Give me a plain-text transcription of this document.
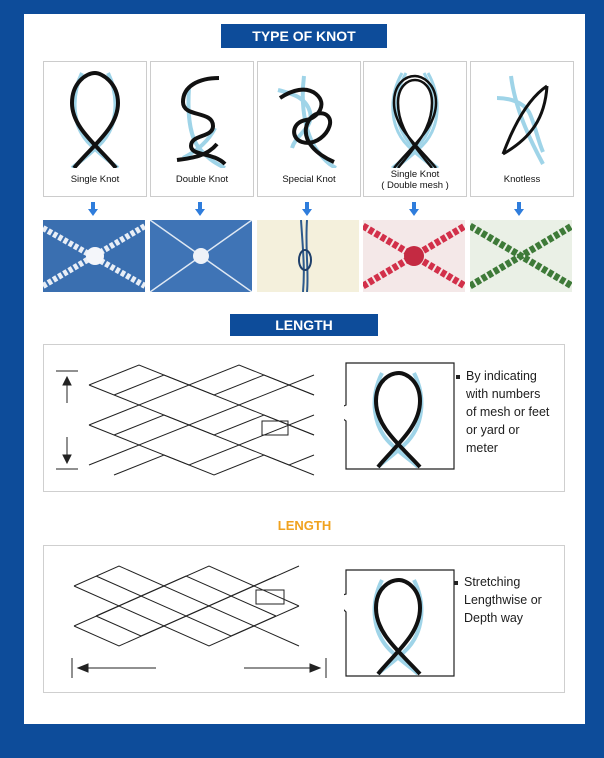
TYPE OF KNOT
Single Knot	Double Knot	Special Knot	Single Knot
( Double mesh )
Knotless
LENGTH
By indicating
with numbers
of mesh or feet
or yard or
meter
LENGTH
Stretching
Lengthwise or
Depth way
